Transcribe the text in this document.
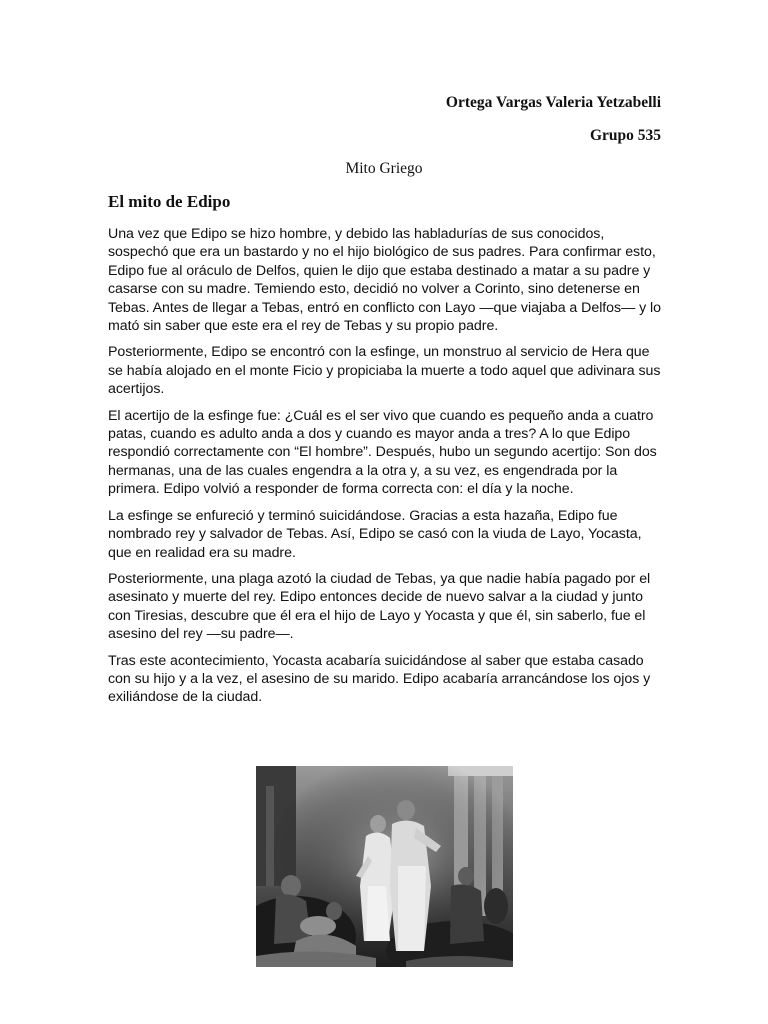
Ortega Vargas Valeria Yetzabelli

Grupo 535

Mito Griego

El mito de Edipo

Una vez que Edipo se hizo hombre, y debido las habladurías de sus conocidos, sospechó que era un bastardo y no el hijo biológico de sus padres. Para confirmar esto, Edipo fue al oráculo de Delfos, quien le dijo que estaba destinado a matar a su padre y casarse con su madre. Temiendo esto, decidió no volver a Corinto, sino detenerse en Tebas. Antes de llegar a Tebas, entró en conflicto con Layo —que viajaba a Delfos— y lo mató sin saber que este era el rey de Tebas y su propio padre.

Posteriormente, Edipo se encontró con la esfinge, un monstruo al servicio de Hera que se había alojado en el monte Ficio y propiciaba la muerte a todo aquel que adivinara sus acertijos.

El acertijo de la esfinge fue: ¿Cuál es el ser vivo que cuando es pequeño anda a cuatro patas, cuando es adulto anda a dos y cuando es mayor anda a tres? A lo que Edipo respondió correctamente con “El hombre”. Después, hubo un segundo acertijo: Son dos hermanas, una de las cuales engendra a la otra y, a su vez, es engendrada por la primera. Edipo volvió a responder de forma correcta con: el día y la noche.

La esfinge se enfureció y terminó suicidándose. Gracias a esta hazaña, Edipo fue nombrado rey y salvador de Tebas. Así, Edipo se casó con la viuda de Layo, Yocasta, que en realidad era su madre.

Posteriormente, una plaga azotó la ciudad de Tebas, ya que nadie había pagado por el asesinato y muerte del rey. Edipo entonces decide de nuevo salvar a la ciudad y junto con Tiresias, descubre que él era el hijo de Layo y Yocasta y que él, sin saberlo, fue el asesino del rey —su padre—.

Tras este acontecimiento, Yocasta acabaría suicidándose al saber que estaba casado con su hijo y a la vez, el asesino de su marido. Edipo acabaría arrancándose los ojos y exiliándose de la ciudad.
